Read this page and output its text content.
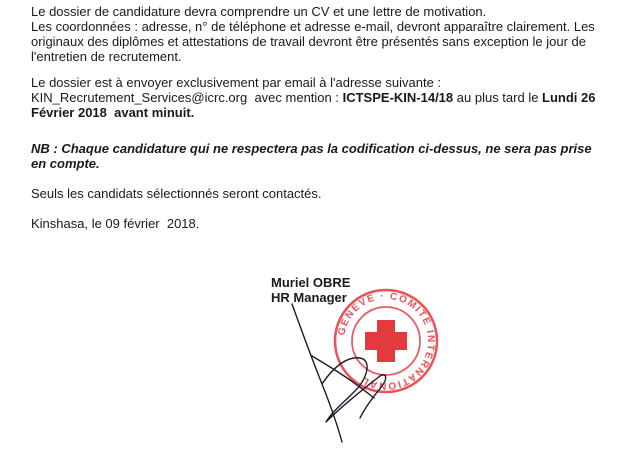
Le dossier de candidature devra comprendre un CV et une lettre de motivation.
Les coordonnées : adresse, n° de téléphone et adresse e-mail, devront apparaître clairement. Les
originaux des diplômes et attestations de travail devront être présentés sans exception le jour de
l'entretien de recrutement.

Le dossier est à envoyer exclusivement par email à l'adresse suivante :
KIN_Recrutement_Services@icrc.org  avec mention : ICTSPE-KIN-14/18 au plus tard le Lundi 26
Février 2018  avant minuit.

NB : Chaque candidature qui ne respectera pas la codification ci-dessus, ne sera pas prise
en compte.

Seuls les candidats sélectionnés seront contactés.

Kinshasa, le 09 février  2018.

Muriel OBRE
HR Manager
GENEVE · COMITE INTERNATIONAL
